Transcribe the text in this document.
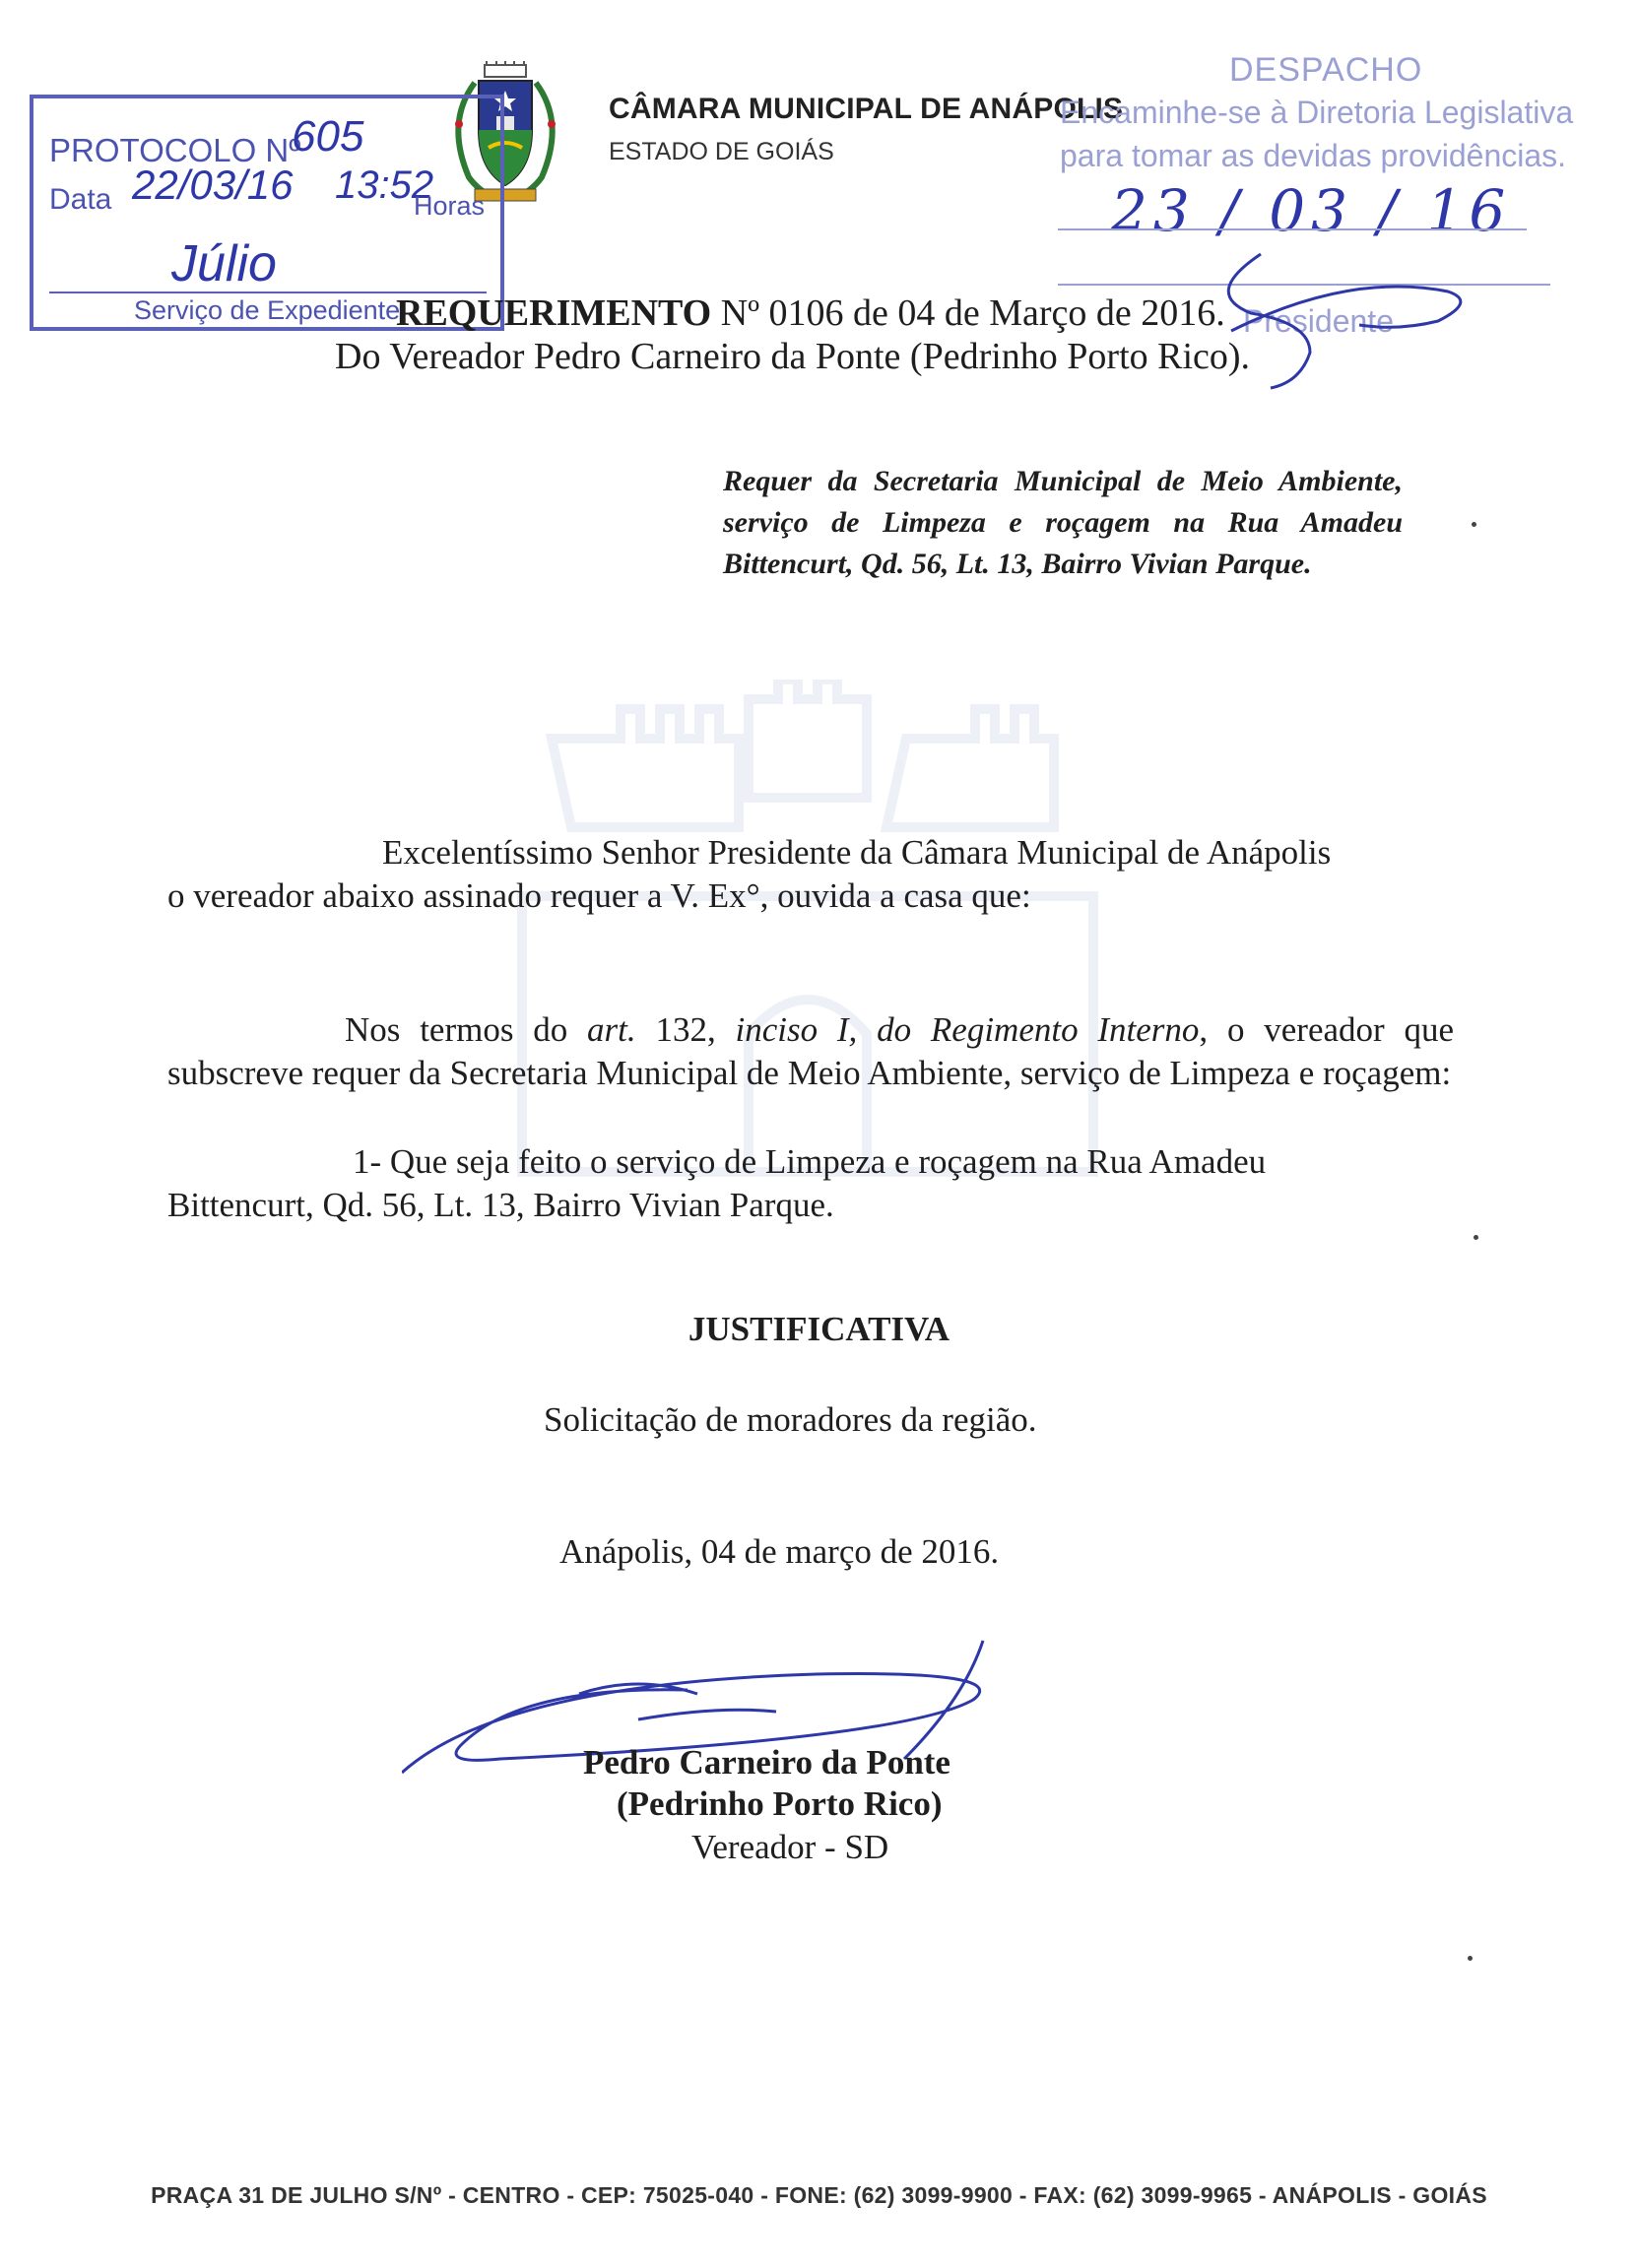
CÂMARA MUNICIPAL DE ANÁPOLIS
ESTADO DE GOIÁS
PROTOCOLO Nº
605
Data 22/03/16 13:52
Horas
Júlio
Serviço de Expediente
DESPACHO
Encaminhe-se à Diretoria Legislativa
para tomar as devidas providências.
23 / 03 / 16
Presidente
REQUERIMENTO Nº 0106 de 04 de Março de 2016.
Do Vereador Pedro Carneiro da Ponte (Pedrinho Porto Rico).
Requer da Secretaria Municipal de Meio Ambiente, serviço de Limpeza e roçagem na Rua Amadeu Bittencurt, Qd. 56, Lt. 13, Bairro Vivian Parque.
Excelentíssimo Senhor Presidente da Câmara Municipal de Anápolis
o vereador abaixo assinado requer a V. Ex°, ouvida a casa que:
Nos termos do art. 132, inciso I, do Regimento Interno, o vereador que subscreve requer da Secretaria Municipal de Meio Ambiente, serviço de Limpeza e roçagem:
1- Que seja feito o serviço de Limpeza e roçagem na Rua Amadeu
Bittencurt, Qd. 56, Lt. 13, Bairro Vivian Parque.
JUSTIFICATIVA
Solicitação de moradores da região.
Anápolis, 04 de março de 2016.
Pedro Carneiro da Ponte
(Pedrinho Porto Rico)
Vereador - SD
PRAÇA 31 DE JULHO S/Nº - CENTRO - CEP: 75025-040 - FONE: (62) 3099-9900 - FAX: (62) 3099-9965 - ANÁPOLIS - GOIÁS
